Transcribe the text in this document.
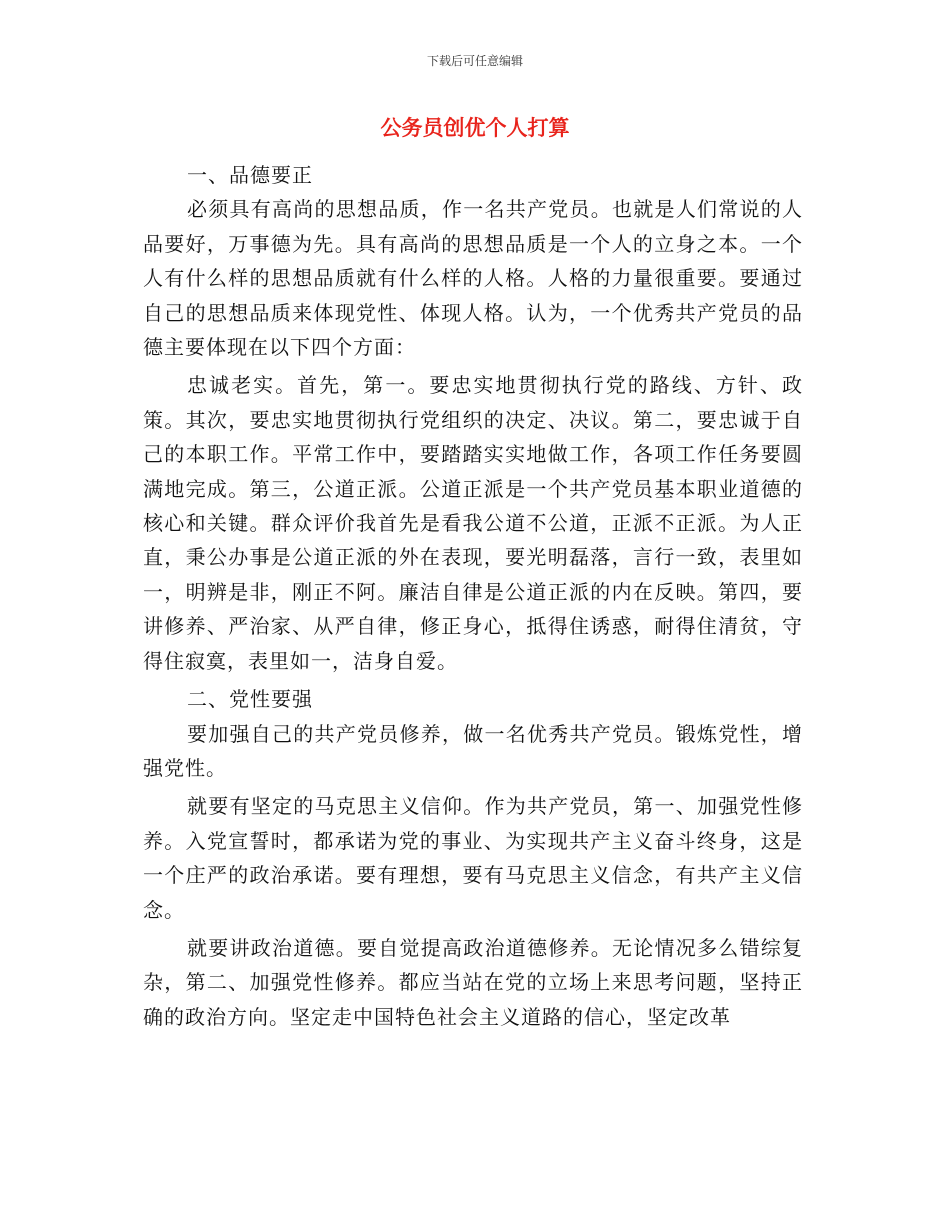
下载后可任意编辑
公务员创优个人打算

一、品德要正

必须具有高尚的思想品质，作一名共产党员。也就是人们常说的人品要好，万事德为先。具有高尚的思想品质是一个人的立身之本。一个人有什么样的思想品质就有什么样的人格。人格的力量很重要。要通过自己的思想品质来体现党性、体现人格。认为，一个优秀共产党员的品德主要体现在以下四个方面：

忠诚老实。首先，第一。要忠实地贯彻执行党的路线、方针、政策。其次，要忠实地贯彻执行党组织的决定、决议。第二，要忠诚于自己的本职工作。平常工作中，要踏踏实实地做工作，各项工作任务要圆满地完成。第三，公道正派。公道正派是一个共产党员基本职业道德的核心和关键。群众评价我首先是看我公道不公道，正派不正派。为人正直，秉公办事是公道正派的外在表现，要光明磊落，言行一致，表里如一，明辨是非，刚正不阿。廉洁自律是公道正派的内在反映。第四，要讲修养、严治家、从严自律，修正身心，抵得住诱惑，耐得住清贫，守得住寂寞，表里如一，洁身自爱。

二、党性要强

要加强自己的共产党员修养，做一名优秀共产党员。锻炼党性，增强党性。

就要有坚定的马克思主义信仰。作为共产党员，第一、加强党性修养。入党宣誓时，都承诺为党的事业、为实现共产主义奋斗终身，这是一个庄严的政治承诺。要有理想，要有马克思主义信念，有共产主义信念。

就要讲政治道德。要自觉提高政治道德修养。无论情况多么错综复杂，第二、加强党性修养。都应当站在党的立场上来思考问题，坚持正确的政治方向。坚定走中国特色社会主义道路的信心，坚定改革
